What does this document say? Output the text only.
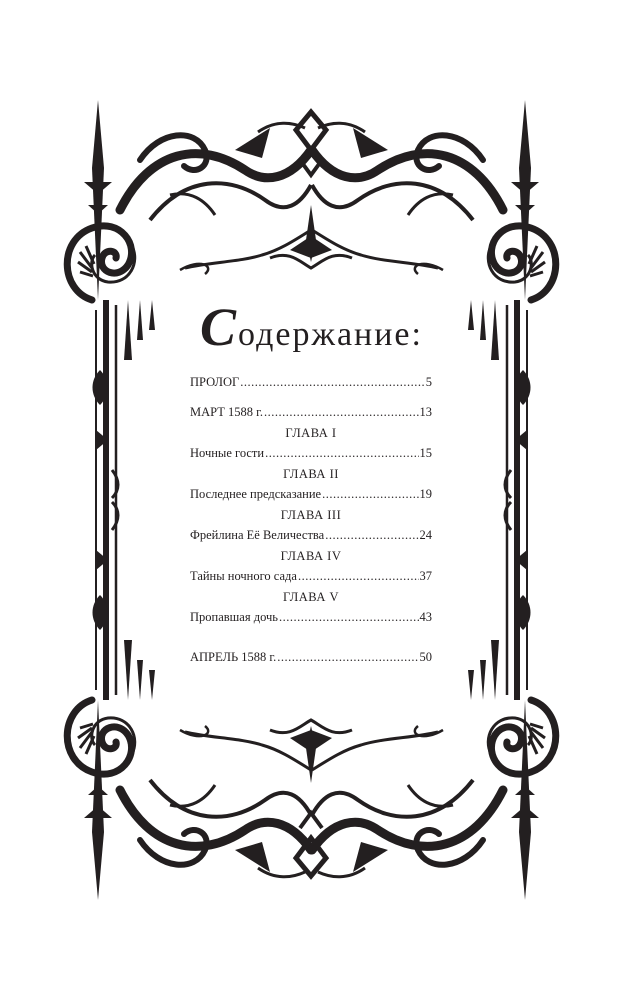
Содержание:
ПРОЛОГ .....	5
МАРТ 1588 г. .....	13
ГЛАВА I
Ночные гости .....	15
ГЛАВА II
Последнее предсказание .....	19
ГЛАВА III
Фрейлина Её Величества .....	24
ГЛАВА IV
Тайны ночного сада .....	37
ГЛАВА V
Пропавшая дочь .....	43
АПРЕЛЬ 1588 г. .....	50
